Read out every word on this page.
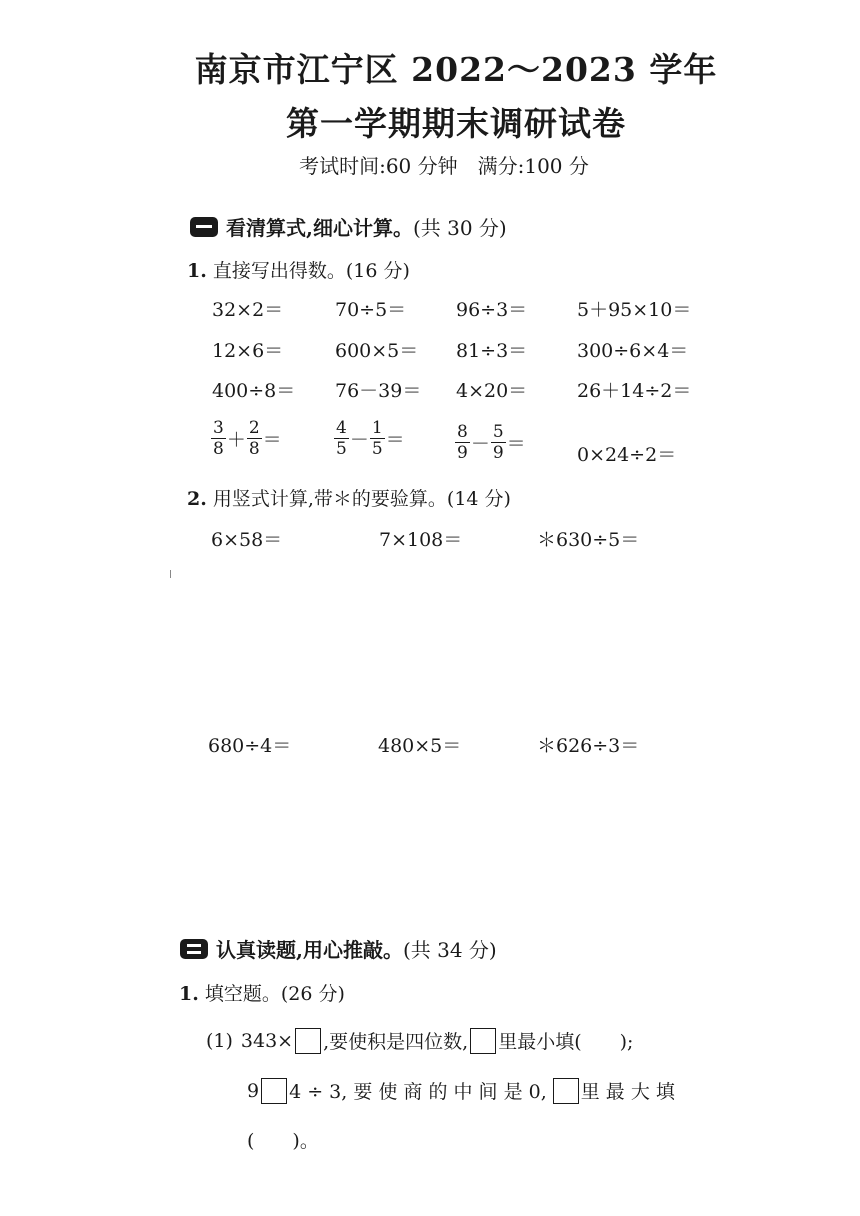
南京市江宁区 2022～2023 学年
第一学期期末调研试卷
考试时间:60 分钟　满分:100 分
看清算式,细心计算。 (共 30 分)
1. 直接写出得数。(16 分)
32×2＝	70÷5＝	96÷3＝	5＋95×10＝
12×6＝	600×5＝ 81÷3＝	300÷6×4＝
400÷8＝ 76－39＝ 4×20＝	26＋14÷2＝
$\frac{3}{8} + \frac{2}{8}$ ＝	$\frac{4}{5} - \frac{1}{5}$ ＝	$\frac{8}{9} - \frac{5}{9}$ ＝	0×24÷2＝
2. 用竖式计算,带＊的要验算。(14 分)
6×58＝	7×108＝	＊630÷5＝
680÷4＝	480×5＝	＊626÷3＝
认真读题,用心推敲。 (共 34 分)
1. 填空题。(26 分)
(1) 343× ,要使积是四位数, 里最小填(　　);
9 4 ÷ 3, 要 使 商 的 中 间 是 0, 里 最 大 填
(　　)。
